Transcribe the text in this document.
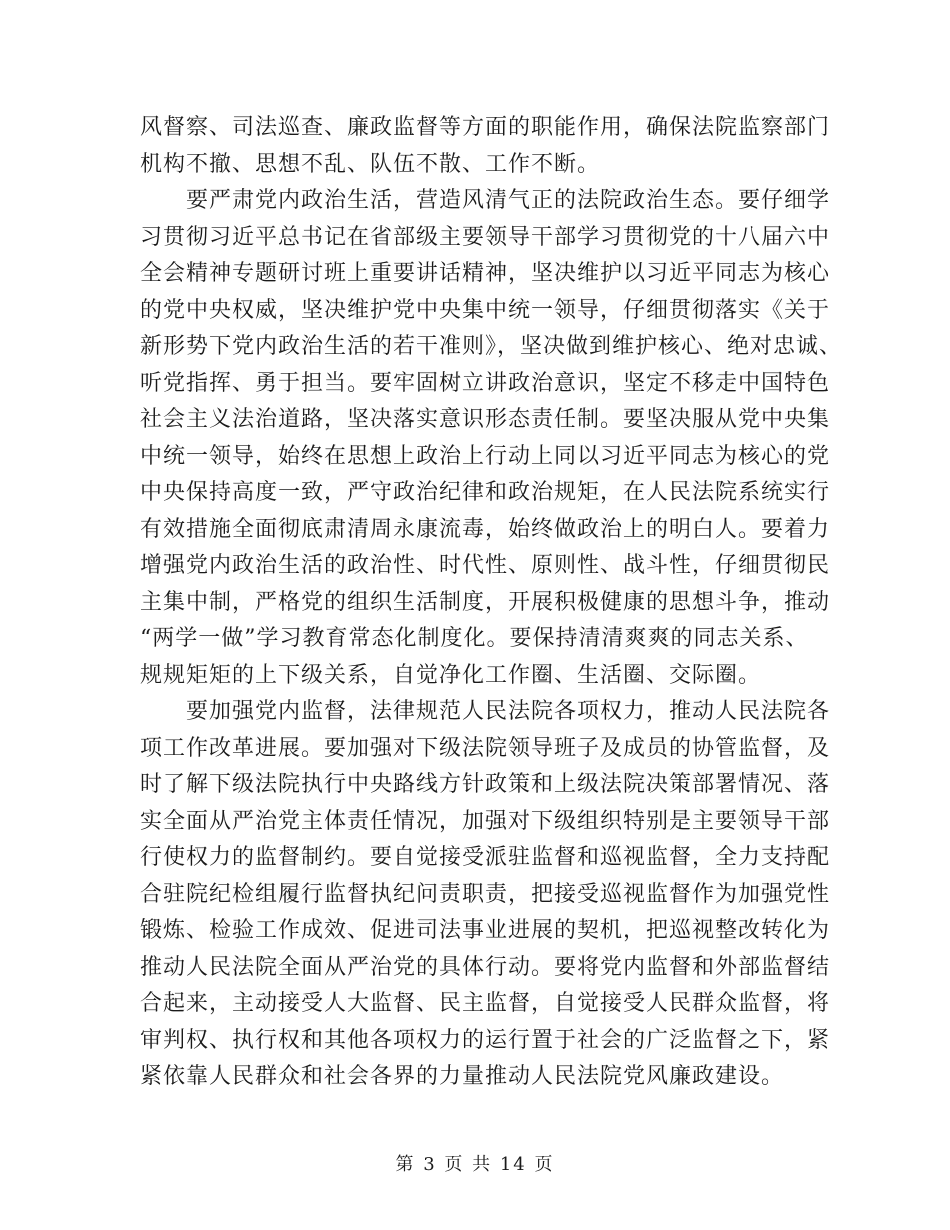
风督察、司法巡查、廉政监督等方面的职能作用，确保法院监察部门
机构不撤、思想不乱、队伍不散、工作不断。
要严肃党内政治生活，营造风清气正的法院政治生态。要仔细学
习贯彻习近平总书记在省部级主要领导干部学习贯彻党的十八届六中
全会精神专题研讨班上重要讲话精神，坚决维护以习近平同志为核心
的党中央权威，坚决维护党中央集中统一领导，仔细贯彻落实《关于
新形势下党内政治生活的若干准则》，坚决做到维护核心、绝对忠诚、
听党指挥、勇于担当。要牢固树立讲政治意识，坚定不移走中国特色
社会主义法治道路，坚决落实意识形态责任制。要坚决服从党中央集
中统一领导，始终在思想上政治上行动上同以习近平同志为核心的党
中央保持高度一致，严守政治纪律和政治规矩，在人民法院系统实行
有效措施全面彻底肃清周永康流毒，始终做政治上的明白人。要着力
增强党内政治生活的政治性、时代性、原则性、战斗性，仔细贯彻民
主集中制，严格党的组织生活制度，开展积极健康的思想斗争，推动
“两学一做”学习教育常态化制度化。要保持清清爽爽的同志关系、
规规矩矩的上下级关系，自觉净化工作圈、生活圈、交际圈。
要加强党内监督，法律规范人民法院各项权力，推动人民法院各
项工作改革进展。要加强对下级法院领导班子及成员的协管监督，及
时了解下级法院执行中央路线方针政策和上级法院决策部署情况、落
实全面从严治党主体责任情况，加强对下级组织特别是主要领导干部
行使权力的监督制约。要自觉接受派驻监督和巡视监督，全力支持配
合驻院纪检组履行监督执纪问责职责，把接受巡视监督作为加强党性
锻炼、检验工作成效、促进司法事业进展的契机，把巡视整改转化为
推动人民法院全面从严治党的具体行动。要将党内监督和外部监督结
合起来，主动接受人大监督、民主监督，自觉接受人民群众监督，将
审判权、执行权和其他各项权力的运行置于社会的广泛监督之下，紧
紧依靠人民群众和社会各界的力量推动人民法院党风廉政建设。
第 3 页 共 14 页
